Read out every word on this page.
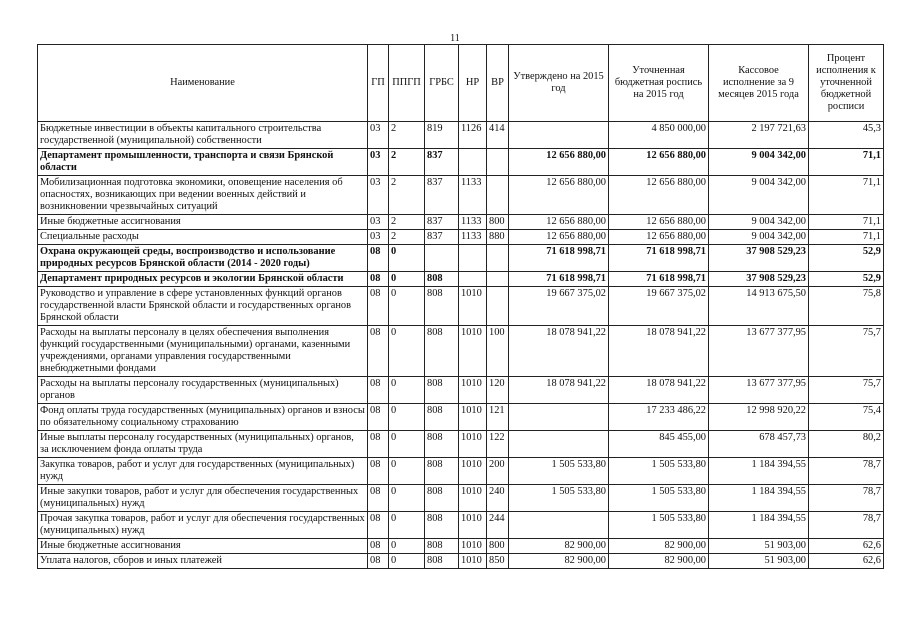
11
Наименование	ГП	ППГП	ГРБС	НР	ВР	Утверждено на 2015 год	Уточненная бюджетная роспись на 2015 год	Кассовое исполнение за 9 месяцев 2015 года	Процент исполнения к уточненной бюджетной росписи
Бюджетные инвестиции в объекты капитального строительства государственной (муниципальной) собственности	03	2	819	1126	414		4 850 000,00	2 197 721,63	45,3
Департамент промышленности, транспорта и связи Брянской области	03	2	837			12 656 880,00	12 656 880,00	9 004 342,00	71,1
Мобилизационная подготовка экономики, оповещение населения об опасностях, возникающих при ведении военных действий и возникновении чрезвычайных ситуаций	03	2	837	1133		12 656 880,00	12 656 880,00	9 004 342,00	71,1
Иные бюджетные ассигнования	03	2	837	1133	800	12 656 880,00	12 656 880,00	9 004 342,00	71,1
Специальные расходы	03	2	837	1133	880	12 656 880,00	12 656 880,00	9 004 342,00	71,1
Охрана окружающей среды, воспроизводство и использование природных ресурсов Брянской области (2014 - 2020 годы)	08	0				71 618 998,71	71 618 998,71	37 908 529,23	52,9
Департамент природных ресурсов и экологии Брянской области	08	0	808			71 618 998,71	71 618 998,71	37 908 529,23	52,9
Руководство и управление в сфере установленных функций органов государственной власти Брянской области и государственных органов Брянской области	08	0	808	1010		19 667 375,02	19 667 375,02	14 913 675,50	75,8
Расходы на выплаты персоналу в целях обеспечения выполнения функций государственными (муниципальными) органами, казенными учреждениями, органами управления государственными внебюджетными фондами	08	0	808	1010	100	18 078 941,22	18 078 941,22	13 677 377,95	75,7
Расходы на выплаты персоналу государственных (муниципальных) органов	08	0	808	1010	120	18 078 941,22	18 078 941,22	13 677 377,95	75,7
Фонд оплаты труда государственных (муниципальных) органов и взносы по обязательному социальному страхованию	08	0	808	1010	121		17 233 486,22	12 998 920,22	75,4
Иные выплаты персоналу государственных (муниципальных) органов, за исключением фонда оплаты труда	08	0	808	1010	122		845 455,00	678 457,73	80,2
Закупка товаров, работ и услуг для государственных (муниципальных) нужд	08	0	808	1010	200	1 505 533,80	1 505 533,80	1 184 394,55	78,7
Иные закупки товаров, работ и услуг для обеспечения государственных (муниципальных) нужд	08	0	808	1010	240	1 505 533,80	1 505 533,80	1 184 394,55	78,7
Прочая закупка товаров, работ и услуг для обеспечения государственных (муниципальных) нужд	08	0	808	1010	244		1 505 533,80	1 184 394,55	78,7
Иные бюджетные ассигнования	08	0	808	1010	800	82 900,00	82 900,00	51 903,00	62,6
Уплата налогов, сборов и иных платежей	08	0	808	1010	850	82 900,00	82 900,00	51 903,00	62,6
